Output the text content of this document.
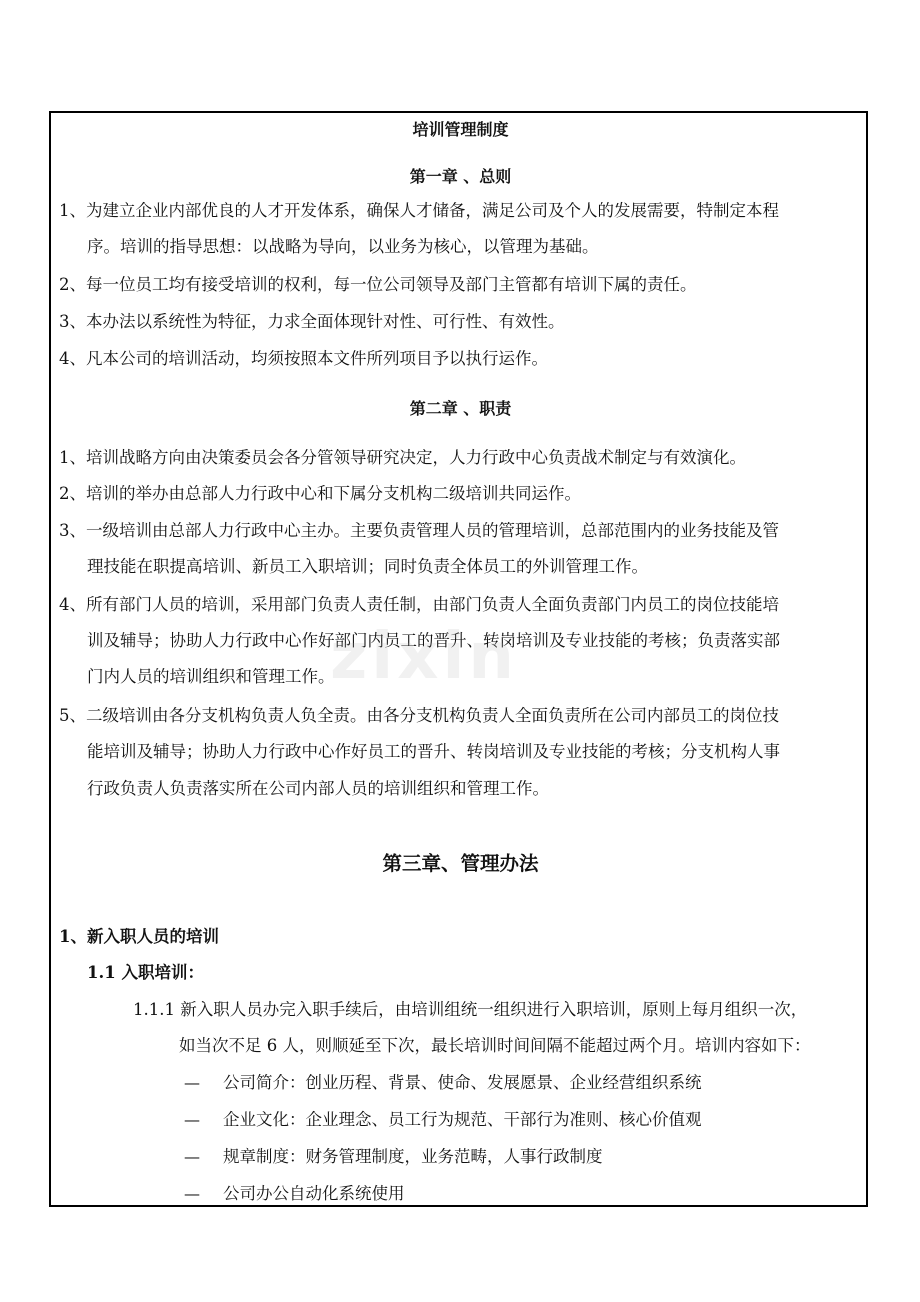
培训管理制度
第一章 、总则
1、为建立企业内部优良的人才开发体系，确保人才储备，满足公司及个人的发展需要，特制定本程
序。培训的指导思想：以战略为导向，以业务为核心，以管理为基础。
2、每一位员工均有接受培训的权利，每一位公司领导及部门主管都有培训下属的责任。
3、本办法以系统性为特征，力求全面体现针对性、可行性、有效性。
4、凡本公司的培训活动，均须按照本文件所列项目予以执行运作。
第二章 、职责
1、培训战略方向由决策委员会各分管领导研究决定，人力行政中心负责战术制定与有效演化。
2、培训的举办由总部人力行政中心和下属分支机构二级培训共同运作。
3、一级培训由总部人力行政中心主办。主要负责管理人员的管理培训，总部范围内的业务技能及管
理技能在职提高培训、新员工入职培训；同时负责全体员工的外训管理工作。
4、所有部门人员的培训，采用部门负责人责任制，由部门负责人全面负责部门内员工的岗位技能培
训及辅导；协助人力行政中心作好部门内员工的晋升、转岗培训及专业技能的考核；负责落实部
门内人员的培训组织和管理工作。
5、二级培训由各分支机构负责人负全责。由各分支机构负责人全面负责所在公司内部员工的岗位技
能培训及辅导；协助人力行政中心作好员工的晋升、转岗培训及专业技能的考核；分支机构人事
行政负责人负责落实所在公司内部人员的培训组织和管理工作。
第三章、管理办法
1、新入职人员的培训
1.1 入职培训：
1.1.1 新入职人员办完入职手续后，由培训组统一组织进行入职培训，原则上每月组织一次，
如当次不足 6 人，则顺延至下次，最长培训时间间隔不能超过两个月。培训内容如下：
— 公司简介：创业历程、背景、使命、发展愿景、企业经营组织系统
— 企业文化：企业理念、员工行为规范、干部行为准则、核心价值观
— 规章制度：财务管理制度，业务范畴，人事行政制度
— 公司办公自动化系统使用
zixin
